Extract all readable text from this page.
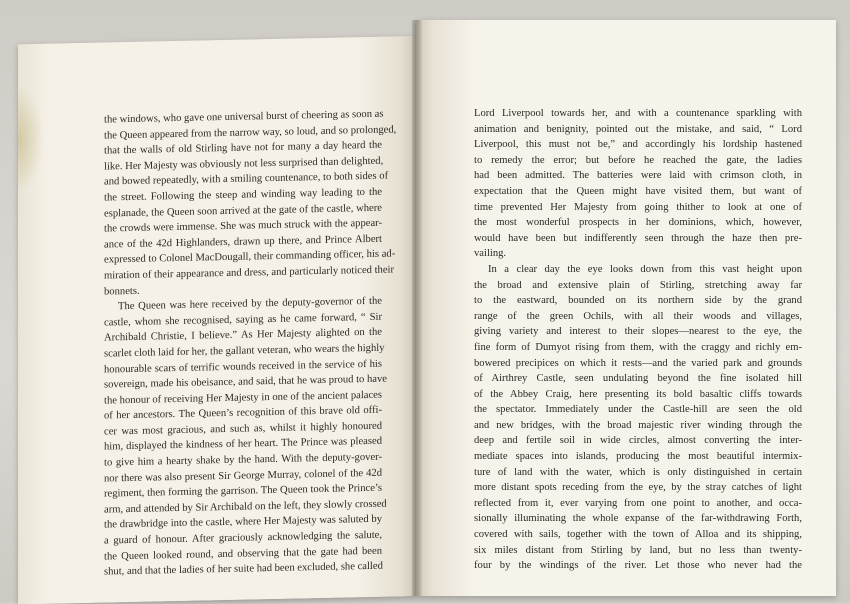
the windows, who gave one universal burst of cheering as soon as
the Queen appeared from the narrow way, so loud, and so prolonged,
that the walls of old Stirling have not for many a day heard the
like. Her Majesty was obviously not less surprised than delighted,
and bowed repeatedly, with a smiling countenance, to both sides of
the street. Following the steep and winding way leading to the
esplanade, the Queen soon arrived at the gate of the castle, where
the crowds were immense. She was much struck with the appear-
ance of the 42d Highlanders, drawn up there, and Prince Albert
expressed to Colonel MacDougall, their commanding officer, his ad-
miration of their appearance and dress, and particularly noticed their
bonnets.
The Queen was here received by the deputy-governor of the
castle, whom she recognised, saying as he came forward, “ Sir
Archibald Christie, I believe.” As Her Majesty alighted on the
scarlet cloth laid for her, the gallant veteran, who wears the highly
honourable scars of terrific wounds received in the service of his
sovereign, made his obeisance, and said, that he was proud to have
the honour of receiving Her Majesty in one of the ancient palaces
of her ancestors. The Queen’s recognition of this brave old offi-
cer was most gracious, and such as, whilst it highly honoured
him, displayed the kindness of her heart. The Prince was pleased
to give him a hearty shake by the hand. With the deputy-gover-
nor there was also present Sir George Murray, colonel of the 42d
regiment, then forming the garrison. The Queen took the Prince’s
arm, and attended by Sir Archibald on the left, they slowly crossed
the drawbridge into the castle, where Her Majesty was saluted by
a guard of honour. After graciously acknowledging the salute,
the Queen looked round, and observing that the gate had been
shut, and that the ladies of her suite had been excluded, she called
Lord Liverpool towards her, and with a countenance sparkling with
animation and benignity, pointed out the mistake, and said, “ Lord
Liverpool, this must not be,” and accordingly his lordship hastened
to remedy the error; but before he reached the gate, the ladies
had been admitted. The batteries were laid with crimson cloth, in
expectation that the Queen might have visited them, but want of
time prevented Her Majesty from going thither to look at one of
the most wonderful prospects in her dominions, which, however,
would have been but indifferently seen through the haze then pre-
vailing.
In a clear day the eye looks down from this vast height upon
the broad and extensive plain of Stirling, stretching away far
to the eastward, bounded on its northern side by the grand
range of the green Ochils, with all their woods and villages,
giving variety and interest to their slopes—nearest to the eye, the
fine form of Dumyot rising from them, with the craggy and richly em-
bowered precipices on which it rests—and the varied park and grounds
of Airthrey Castle, seen undulating beyond the fine isolated hill
of the Abbey Craig, here presenting its bold basaltic cliffs towards
the spectator. Immediately under the Castle-hill are seen the old
and new bridges, with the broad majestic river winding through the
deep and fertile soil in wide circles, almost converting the inter-
mediate spaces into islands, producing the most beautiful intermix-
ture of land with the water, which is only distinguished in certain
more distant spots receding from the eye, by the stray catches of light
reflected from it, ever varying from one point to another, and occa-
sionally illuminating the whole expanse of the far-withdrawing Forth,
covered with sails, together with the town of Alloa and its shipping,
six miles distant from Stirling by land, but no less than twenty-
four by the windings of the river. Let those who never had the
